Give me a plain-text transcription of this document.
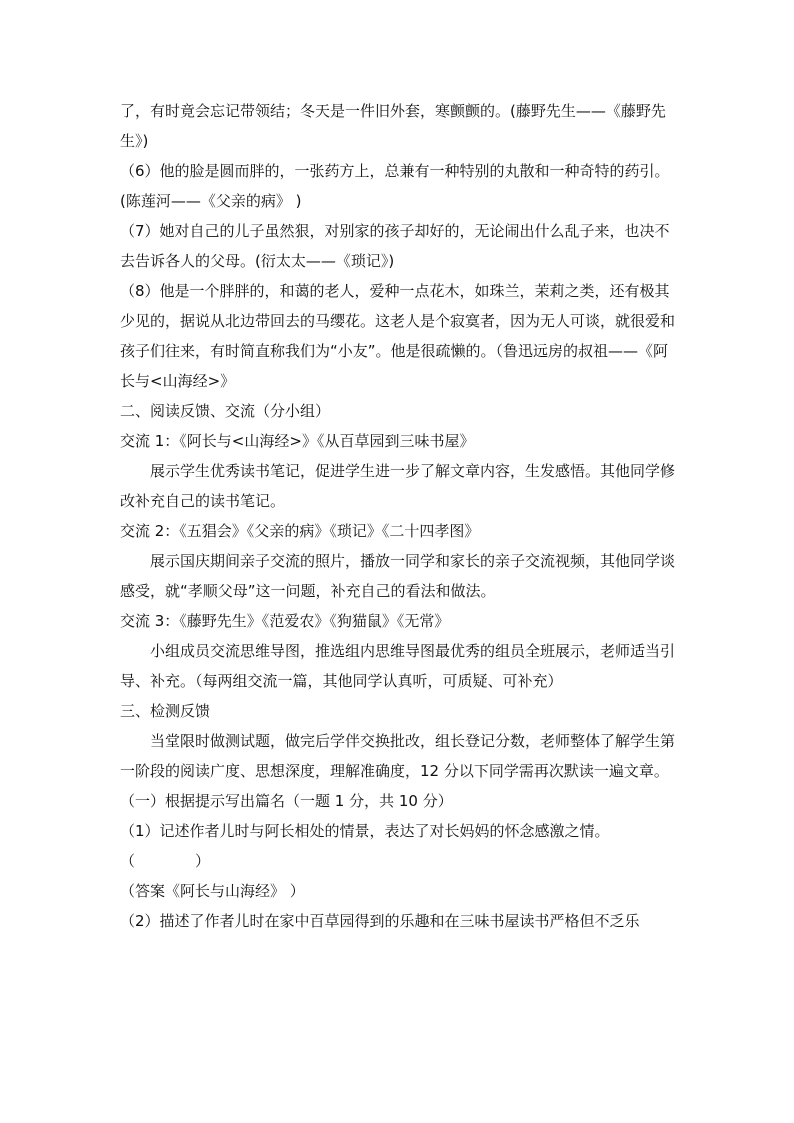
了，有时竟会忘记带领结；冬天是一件旧外套，寒颤颤的。(藤野先生——《藤野先生》)

（6）他的脸是圆而胖的，一张药方上，总兼有一种特别的丸散和一种奇特的药引。(陈莲河——《父亲的病》 )

（7）她对自己的儿子虽然狠，对别家的孩子却好的，无论闹出什么乱子来，也决不去告诉各人的父母。(衍太太——《琐记》)

（8）他是一个胖胖的，和蔼的老人，爱种一点花木，如珠兰，茉莉之类，还有极其少见的，据说从北边带回去的马缨花。这老人是个寂寞者，因为无人可谈，就很爱和孩子们往来，有时简直称我们为“小友”。他是很疏懒的。（鲁迅远房的叔祖——《阿长与<山海经>》

二、阅读反馈、交流（分小组）

交流 1：《阿长与<山海经>》《从百草园到三味书屋》

展示学生优秀读书笔记，促进学生进一步了解文章内容，生发感悟。其他同学修改补充自己的读书笔记。

交流 2：《五猖会》《父亲的病》《琐记》《二十四孝图》

展示国庆期间亲子交流的照片，播放一同学和家长的亲子交流视频，其他同学谈感受，就“孝顺父母”这一问题，补充自己的看法和做法。

交流 3：《藤野先生》《范爱农》《狗猫鼠》《无常》

小组成员交流思维导图，推选组内思维导图最优秀的组员全班展示，老师适当引导、补充。（每两组交流一篇，其他同学认真听，可质疑、可补充）

三、检测反馈

当堂限时做测试题，做完后学伴交换批改，组长登记分数，老师整体了解学生第一阶段的阅读广度、思想深度，理解准确度，12 分以下同学需再次默读一遍文章。

（一）根据提示写出篇名（一题 1 分，共 10 分）

（1）记述作者儿时与阿长相处的情景，表达了对长妈妈的怀念感激之情。

（　　　　）

（答案《阿长与山海经》 ）

（2）描述了作者儿时在家中百草园得到的乐趣和在三味书屋读书严格但不乏乐
